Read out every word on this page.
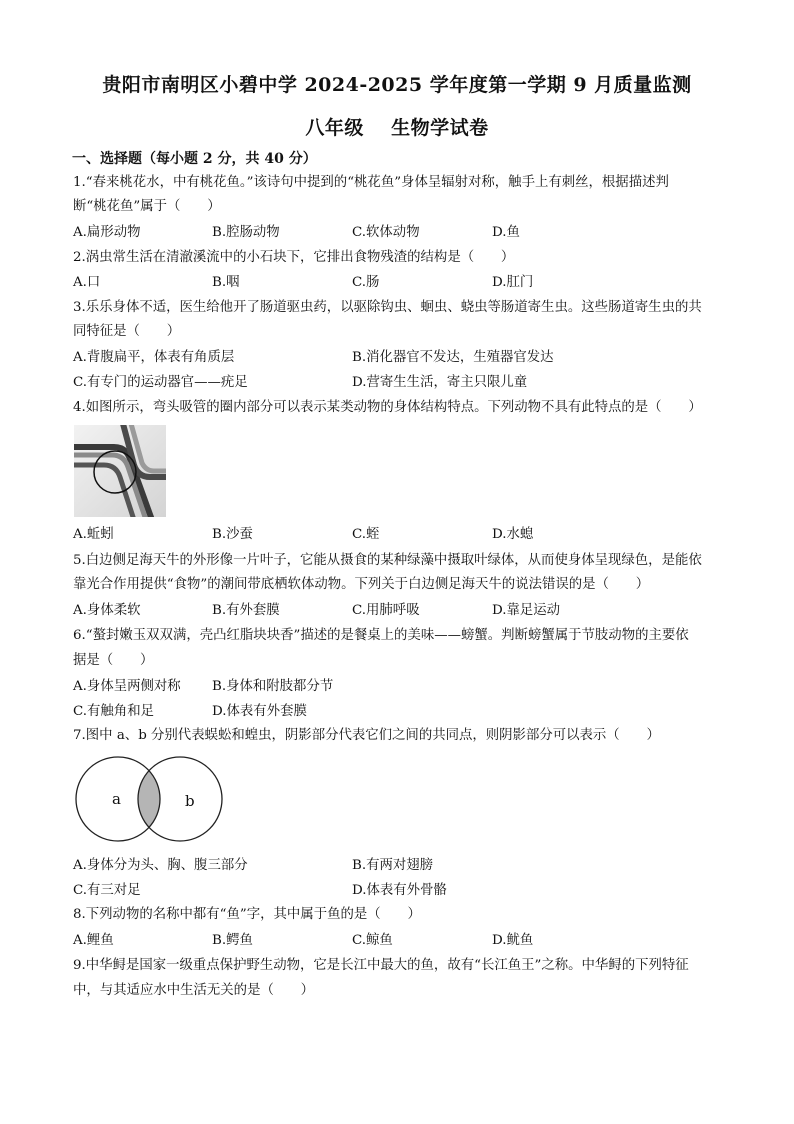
贵阳市南明区小碧中学 2024-2025 学年度第一学期 9 月质量监测
八年级 生物学试卷
一、选择题（每小题 2 分，共 40 分）
1.“春来桃花水，中有桃花鱼。”该诗句中提到的“桃花鱼”身体呈辐射对称，触手上有刺丝，根据描述判
断“桃花鱼”属于（　　）
A.扁形动物	B.腔肠动物	C.软体动物	D.鱼
2.涡虫常生活在清澈溪流中的小石块下，它排出食物残渣的结构是（　　）
A.口	B.咽	C.肠	D.肛门
3.乐乐身体不适，医生给他开了肠道驱虫药，以驱除钩虫、蛔虫、蛲虫等肠道寄生虫。这些肠道寄生虫的共
同特征是（　　）
A.背腹扁平，体表有角质层	B.消化器官不发达，生殖器官发达
C.有专门的运动器官——疣足	D.营寄生生活，寄主只限儿童
4.如图所示，弯头吸管的圈内部分可以表示某类动物的身体结构特点。下列动物不具有此特点的是（　　）
A.蚯蚓	B.沙蚕	C.蛭	D.水螅
5.白边侧足海天牛的外形像一片叶子，它能从摄食的某种绿藻中摄取叶绿体，从而使身体呈现绿色，是能依
靠光合作用提供“食物”的潮间带底栖软体动物。下列关于白边侧足海天牛的说法错误的是（　　）
A.身体柔软	B.有外套膜	C.用肺呼吸	D.靠足运动
6.“螯封嫩玉双双满，壳凸红脂块块香”描述的是餐桌上的美味——螃蟹。判断螃蟹属于节肢动物的主要依
据是（　　）
A.身体呈两侧对称 B.身体和附肢都分节
C.有触角和足	D.体表有外套膜
7.图中 a、b 分别代表蜈蚣和蝗虫，阴影部分代表它们之间的共同点，则阴影部分可以表示（　　）
a	b
A.身体分为头、胸、腹三部分	B.有两对翅膀
C.有三对足	D.体表有外骨骼
8.下列动物的名称中都有“鱼”字，其中属于鱼的是（　　）
A.鲤鱼	B.鳄鱼	C.鲸鱼	D.鱿鱼
9.中华鲟是国家一级重点保护野生动物，它是长江中最大的鱼，故有“长江鱼王”之称。中华鲟的下列特征
中，与其适应水中生活无关的是（　　）
